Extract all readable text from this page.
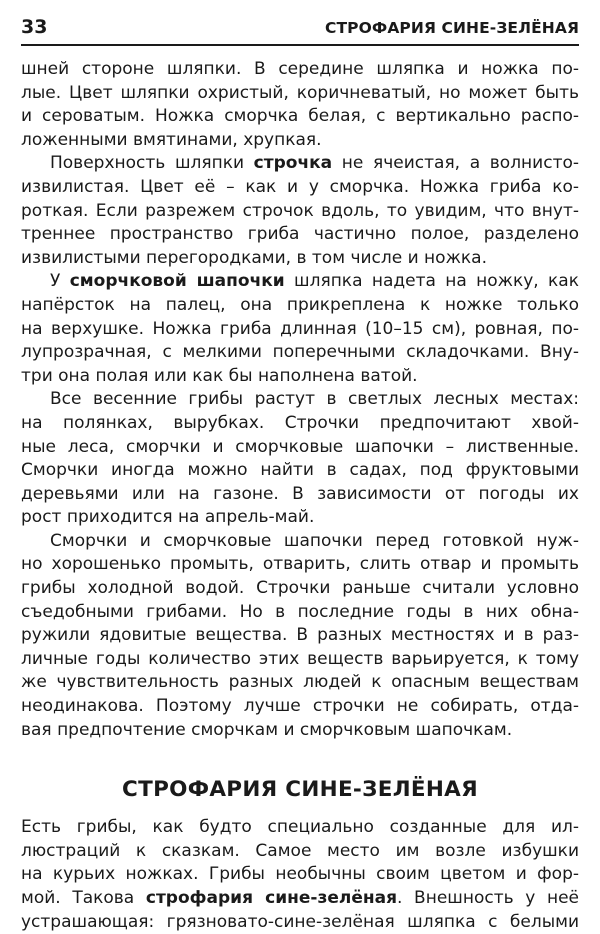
33	СТРОФАРИЯ СИНЕ-ЗЕЛЁНАЯ
шней стороне шляпки. В середине шляпка и ножка по-
лые. Цвет шляпки охристый, коричневатый, но может быть
и сероватым. Ножка сморчка белая, с вертикально распо-
ложенными вмятинами, хрупкая.
Поверхность шляпки строчка не ячеистая, а волнисто-
извилистая. Цвет её – как и у сморчка. Ножка гриба ко-
роткая. Если разрежем строчок вдоль, то увидим, что внут-
треннее пространство гриба частично полое, разделено
извилистыми перегородками, в том числе и ножка.
У сморчковой шапочки шляпка надета на ножку, как
напёрсток на палец, она прикреплена к ножке только
на верхушке. Ножка гриба длинная (10–15 см), ровная, по-
лупрозрачная, с мелкими поперечными складочками. Вну-
три она полая или как бы наполнена ватой.
Все весенние грибы растут в светлых лесных местах:
на полянках, вырубках. Строчки предпочитают хвой-
ные леса, сморчки и сморчковые шапочки – лиственные.
Сморчки иногда можно найти в садах, под фруктовыми
деревьями или на газоне. В зависимости от погоды их
рост приходится на апрель-май.
Сморчки и сморчковые шапочки перед готовкой нуж-
но хорошенько промыть, отварить, слить отвар и промыть
грибы холодной водой. Строчки раньше считали условно
съедобными грибами. Но в последние годы в них обна-
ружили ядовитые вещества. В разных местностях и в раз-
личные годы количество этих веществ варьируется, к тому
же чувствительность разных людей к опасным веществам
неодинакова. Поэтому лучше строчки не собирать, отда-
вая предпочтение сморчкам и сморчковым шапочкам.
СТРОФАРИЯ СИНЕ-ЗЕЛЁНАЯ
Есть грибы, как будто специально созданные для ил-
люстраций к сказкам. Самое место им возле избушки
на курьих ножках. Грибы необычны своим цветом и фор-
мой. Такова строфария сине-зелёная. Внешность у неё
устрашающая: грязновато-сине-зелёная шляпка с белыми
